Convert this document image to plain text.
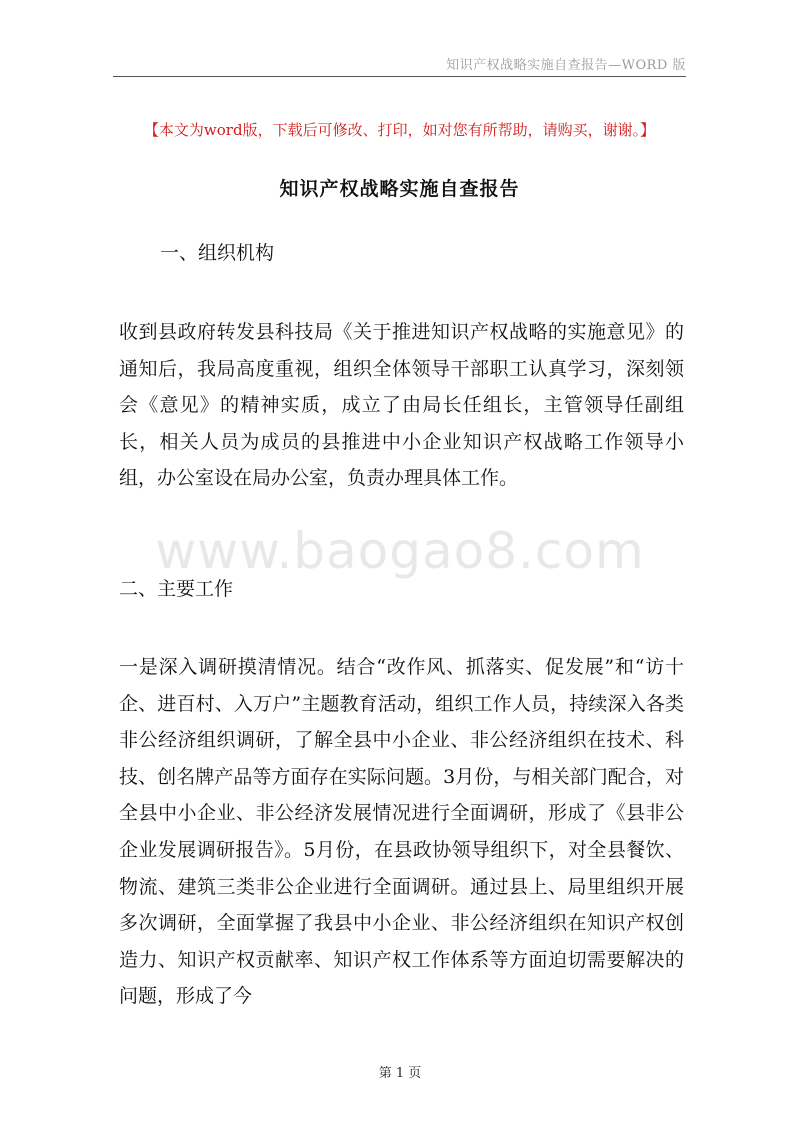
知识产权战略实施自查报告—WORD 版
【本文为word版，下载后可修改、打印，如对您有所帮助，请购买，谢谢。】
知识产权战略实施自查报告
一、组织机构

收到县政府转发县科技局《关于推进知识产权战略的实施意见》的通知后，我局高度重视，组织全体领导干部职工认真学习，深刻领会《意见》的精神实质，成立了由局长任组长，主管领导任副组长，相关人员为成员的县推进中小企业知识产权战略工作领导小组，办公室设在局办公室，负责办理具体工作。

www.baogao8.com
二、主要工作

一是深入调研摸清情况。结合“改作风、抓落实、促发展”和“访十企、进百村、入万户”主题教育活动，组织工作人员，持续深入各类非公经济组织调研，了解全县中小企业、非公经济组织在技术、科技、创名牌产品等方面存在实际问题。3月份，与相关部门配合，对全县中小企业、非公经济发展情况进行全面调研，形成了《县非公企业发展调研报告》。5月份，在县政协领导组织下，对全县餐饮、物流、建筑三类非公企业进行全面调研。通过县上、局里组织开展多次调研，全面掌握了我县中小企业、非公经济组织在知识产权创造力、知识产权贡献率、知识产权工作体系等方面迫切需要解决的问题，形成了今

第 1 页
